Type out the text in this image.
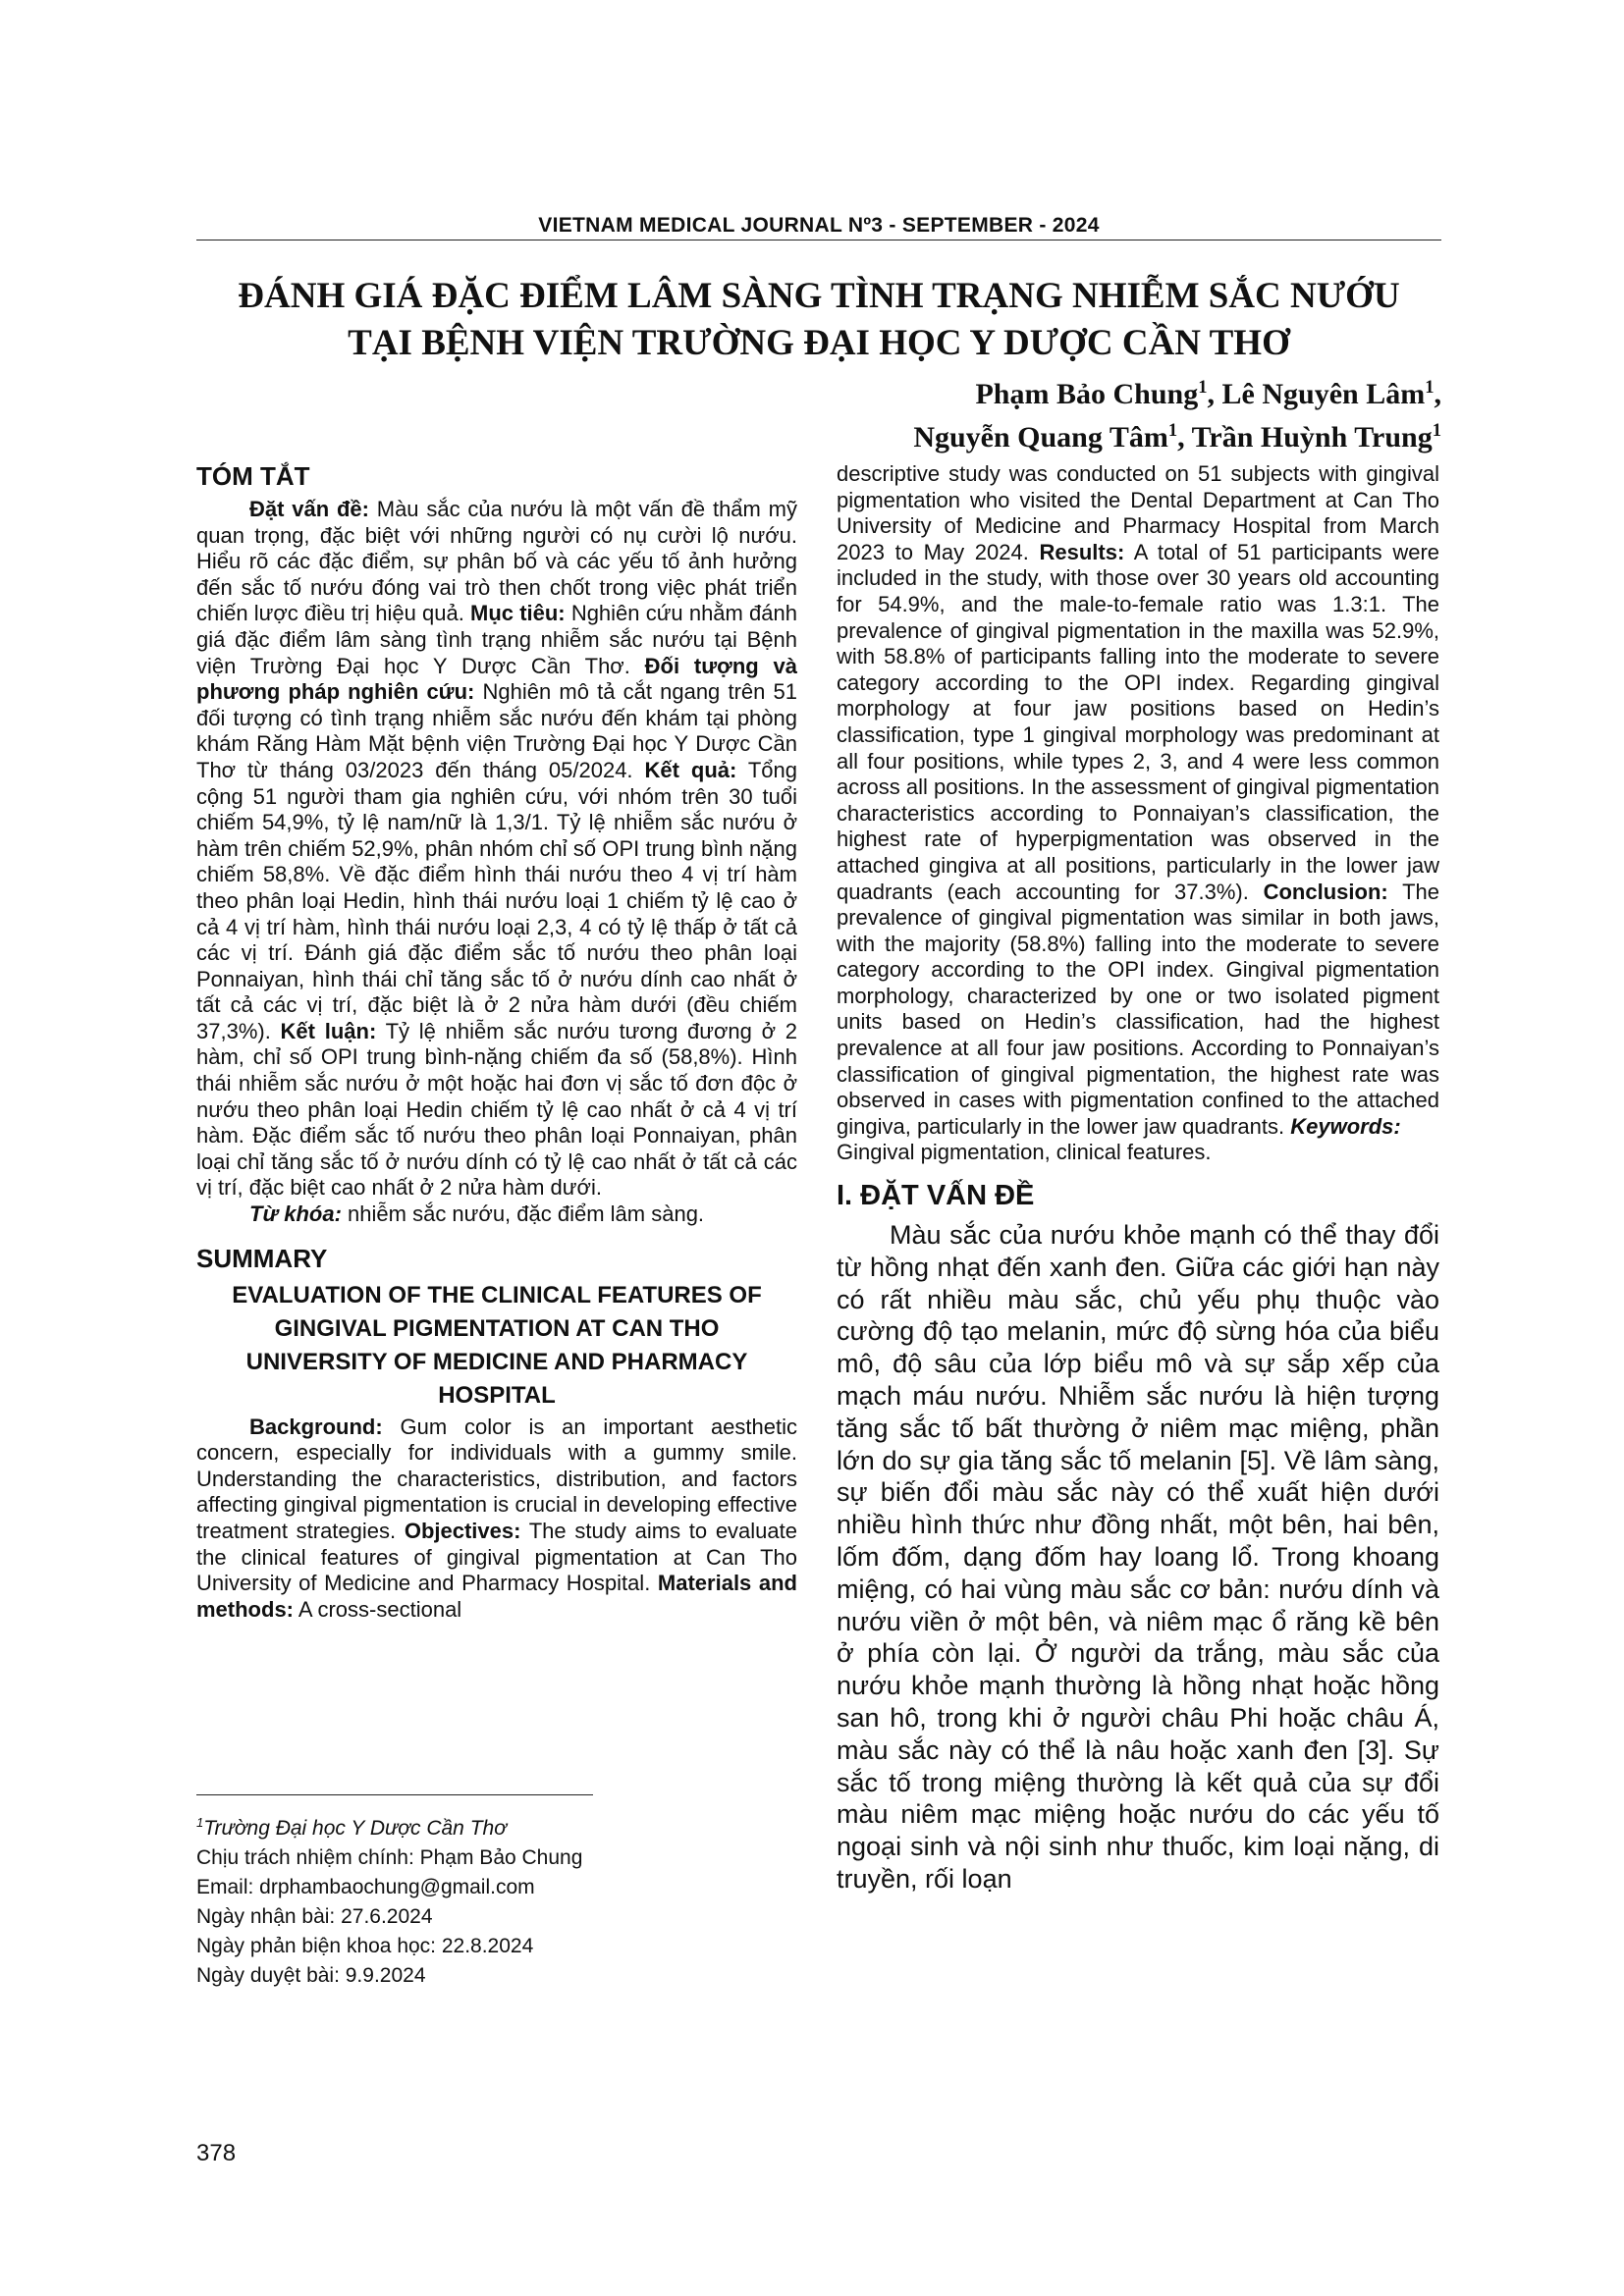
VIETNAM MEDICAL JOURNAL Nº3 - SEPTEMBER - 2024
ĐÁNH GIÁ ĐẶC ĐIỂM LÂM SÀNG TÌNH TRẠNG NHIỄM SẮC NƯỚU
TẠI BỆNH VIỆN TRƯỜNG ĐẠI HỌC Y DƯỢC CẦN THƠ
Phạm Bảo Chung$^1$, Lê Nguyên Lâm$^1$,
Nguyễn Quang Tâm$^1$, Trần Huỳnh Trung$^1$
TÓM TẮT

Đặt vấn đề: Màu sắc của nướu là một vấn đề thẩm mỹ quan trọng, đặc biệt với những người có nụ cười lộ nướu. Hiểu rõ các đặc điểm, sự phân bố và các yếu tố ảnh hưởng đến sắc tố nướu đóng vai trò then chốt trong việc phát triển chiến lược điều trị hiệu quả. Mục tiêu: Nghiên cứu nhằm đánh giá đặc điểm lâm sàng tình trạng nhiễm sắc nướu tại Bệnh viện Trường Đại học Y Dược Cần Thơ. Đối tượng và phương pháp nghiên cứu: Nghiên mô tả cắt ngang trên 51 đối tượng có tình trạng nhiễm sắc nướu đến khám tại phòng khám Răng Hàm Mặt bệnh viện Trường Đại học Y Dược Cần Thơ từ tháng 03/2023 đến tháng 05/2024. Kết quả: Tổng cộng 51 người tham gia nghiên cứu, với nhóm trên 30 tuổi chiếm 54,9%, tỷ lệ nam/nữ là 1,3/1. Tỷ lệ nhiễm sắc nướu ở hàm trên chiếm 52,9%, phân nhóm chỉ số OPI trung bình nặng chiếm 58,8%. Về đặc điểm hình thái nướu theo 4 vị trí hàm theo phân loại Hedin, hình thái nướu loại 1 chiếm tỷ lệ cao ở cả 4 vị trí hàm, hình thái nướu loại 2,3, 4 có tỷ lệ thấp ở tất cả các vị trí. Đánh giá đặc điểm sắc tố nướu theo phân loại Ponnaiyan, hình thái chỉ tăng sắc tố ở nướu dính cao nhất ở tất cả các vị trí, đặc biệt là ở 2 nửa hàm dưới (đều chiếm 37,3%). Kết luận: Tỷ lệ nhiễm sắc nướu tương đương ở 2 hàm, chỉ số OPI trung bình-nặng chiếm đa số (58,8%). Hình thái nhiễm sắc nướu ở một hoặc hai đơn vị sắc tố đơn độc ở nướu theo phân loại Hedin chiếm tỷ lệ cao nhất ở cả 4 vị trí hàm. Đặc điểm sắc tố nướu theo phân loại Ponnaiyan, phân loại chỉ tăng sắc tố ở nướu dính có tỷ lệ cao nhất ở tất cả các vị trí, đặc biệt cao nhất ở 2 nửa hàm dưới.

Từ khóa: nhiễm sắc nướu, đặc điểm lâm sàng.

SUMMARY
EVALUATION OF THE CLINICAL FEATURES OF GINGIVAL PIGMENTATION AT CAN THO UNIVERSITY OF MEDICINE AND PHARMACY HOSPITAL

Background: Gum color is an important aesthetic concern, especially for individuals with a gummy smile. Understanding the characteristics, distribution, and factors affecting gingival pigmentation is crucial in developing effective treatment strategies. Objectives: The study aims to evaluate the clinical features of gingival pigmentation at Can Tho University of Medicine and Pharmacy Hospital. Materials and methods: A cross-sectional

$^1$Trường Đại học Y Dược Cần Thơ
Chịu trách nhiệm chính: Phạm Bảo Chung
Email: drphambaochung@gmail.com
Ngày nhận bài: 27.6.2024
Ngày phản biện khoa học: 22.8.2024
Ngày duyệt bài: 9.9.2024

descriptive study was conducted on 51 subjects with gingival pigmentation who visited the Dental Department at Can Tho University of Medicine and Pharmacy Hospital from March 2023 to May 2024. Results: A total of 51 participants were included in the study, with those over 30 years old accounting for 54.9%, and the male-to-female ratio was 1.3:1. The prevalence of gingival pigmentation in the maxilla was 52.9%, with 58.8% of participants falling into the moderate to severe category according to the OPI index. Regarding gingival morphology at four jaw positions based on Hedin’s classification, type 1 gingival morphology was predominant at all four positions, while types 2, 3, and 4 were less common across all positions. In the assessment of gingival pigmentation characteristics according to Ponnaiyan’s classification, the highest rate of hyperpigmentation was observed in the attached gingiva at all positions, particularly in the lower jaw quadrants (each accounting for 37.3%). Conclusion: The prevalence of gingival pigmentation was similar in both jaws, with the majority (58.8%) falling into the moderate to severe category according to the OPI index. Gingival pigmentation morphology, characterized by one or two isolated pigment units based on Hedin’s classification, had the highest prevalence at all four jaw positions. According to Ponnaiyan’s classification of gingival pigmentation, the highest rate was observed in cases with pigmentation confined to the attached gingiva, particularly in the lower jaw quadrants. Keywords:

Gingival pigmentation, clinical features.

I. ĐẶT VẤN ĐỀ

Màu sắc của nướu khỏe mạnh có thể thay đổi từ hồng nhạt đến xanh đen. Giữa các giới hạn này có rất nhiều màu sắc, chủ yếu phụ thuộc vào cường độ tạo melanin, mức độ sừng hóa của biểu mô, độ sâu của lớp biểu mô và sự sắp xếp của mạch máu nướu. Nhiễm sắc nướu là hiện tượng tăng sắc tố bất thường ở niêm mạc miệng, phần lớn do sự gia tăng sắc tố melanin [5]. Về lâm sàng, sự biến đổi màu sắc này có thể xuất hiện dưới nhiều hình thức như đồng nhất, một bên, hai bên, lốm đốm, dạng đốm hay loang lổ. Trong khoang miệng, có hai vùng màu sắc cơ bản: nướu dính và nướu viền ở một bên, và niêm mạc ổ răng kề bên ở phía còn lại. Ở người da trắng, màu sắc của nướu khỏe mạnh thường là hồng nhạt hoặc hồng san hô, trong khi ở người châu Phi hoặc châu Á, màu sắc này có thể là nâu hoặc xanh đen [3]. Sự sắc tố trong miệng thường là kết quả của sự đổi màu niêm mạc miệng hoặc nướu do các yếu tố ngoại sinh và nội sinh như thuốc, kim loại nặng, di truyền, rối loạn

378
